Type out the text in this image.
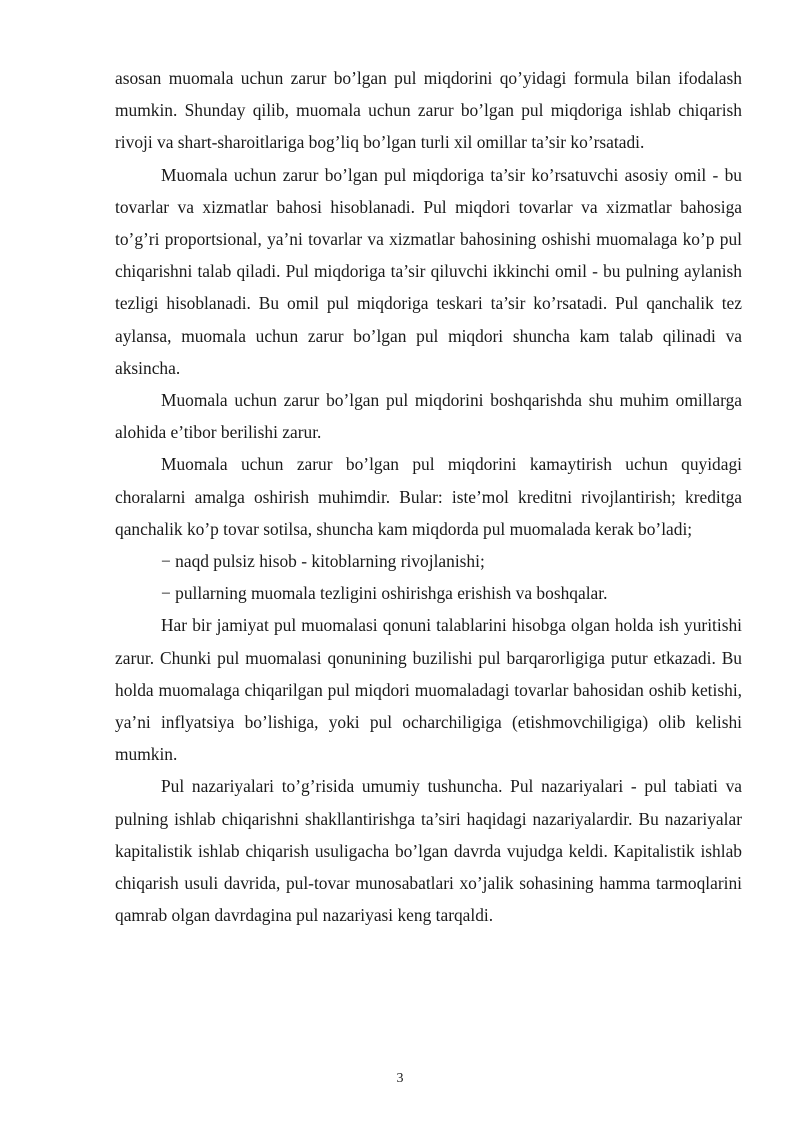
asosan muomala uchun zarur bo’lgan pul miqdorini qo’yidagi formula bilan ifodalash mumkin. Shunday qilib, muomala uchun zarur bo’lgan pul miqdoriga ishlab chiqarish rivoji va shart-sharoitlariga bog’liq bo’lgan turli xil omillar ta’sir ko’rsatadi.

Muomala uchun zarur bo’lgan pul miqdoriga ta’sir ko’rsatuvchi asosiy omil - bu tovarlar va xizmatlar bahosi hisoblanadi. Pul miqdori tovarlar va xizmatlar bahosiga to’g’ri proportsional, ya’ni tovarlar va xizmatlar bahosining oshishi muomalaga ko’p pul chiqarishni talab qiladi. Pul miqdoriga ta’sir qiluvchi ikkinchi omil - bu pulning aylanish tezligi hisoblanadi. Bu omil pul miqdoriga teskari ta’sir ko’rsatadi. Pul qanchalik tez aylansa, muomala uchun zarur bo’lgan pul miqdori shuncha kam talab qilinadi va aksincha.

Muomala uchun zarur bo’lgan pul miqdorini boshqarishda shu muhim omillarga alohida e’tibor berilishi zarur.

Muomala uchun zarur bo’lgan pul miqdorini kamaytirish uchun quyidagi choralarni amalga oshirish muhimdir. Bular: iste’mol kreditni rivojlantirish; kreditga qanchalik ko’p tovar sotilsa, shuncha kam miqdorda pul muomalada kerak bo’ladi;

− naqd pulsiz hisob - kitoblarning rivojlanishi;

− pullarning muomala tezligini oshirishga erishish va boshqalar.

Har bir jamiyat pul muomalasi qonuni talablarini hisobga olgan holda ish yuritishi zarur. Chunki pul muomalasi qonunining buzilishi pul barqarorligiga putur etkazadi. Bu holda muomalaga chiqarilgan pul miqdori muomaladagi tovarlar bahosidan oshib ketishi, ya’ni inflyatsiya bo’lishiga, yoki pul ocharchiligiga (etishmovchiligiga) olib kelishi mumkin.

Pul nazariyalari to’g’risida umumiy tushuncha. Pul nazariyalari - pul tabiati va pulning ishlab chiqarishni shakllantirishga ta’siri haqidagi nazariyalardir. Bu nazariyalar kapitalistik ishlab chiqarish usuligacha bo’lgan davrda vujudga keldi. Kapitalistik ishlab chiqarish usuli davrida, pul-tovar munosabatlari xo’jalik sohasining hamma tarmoqlarini qamrab olgan davrdagina pul nazariyasi keng tarqaldi.

3
